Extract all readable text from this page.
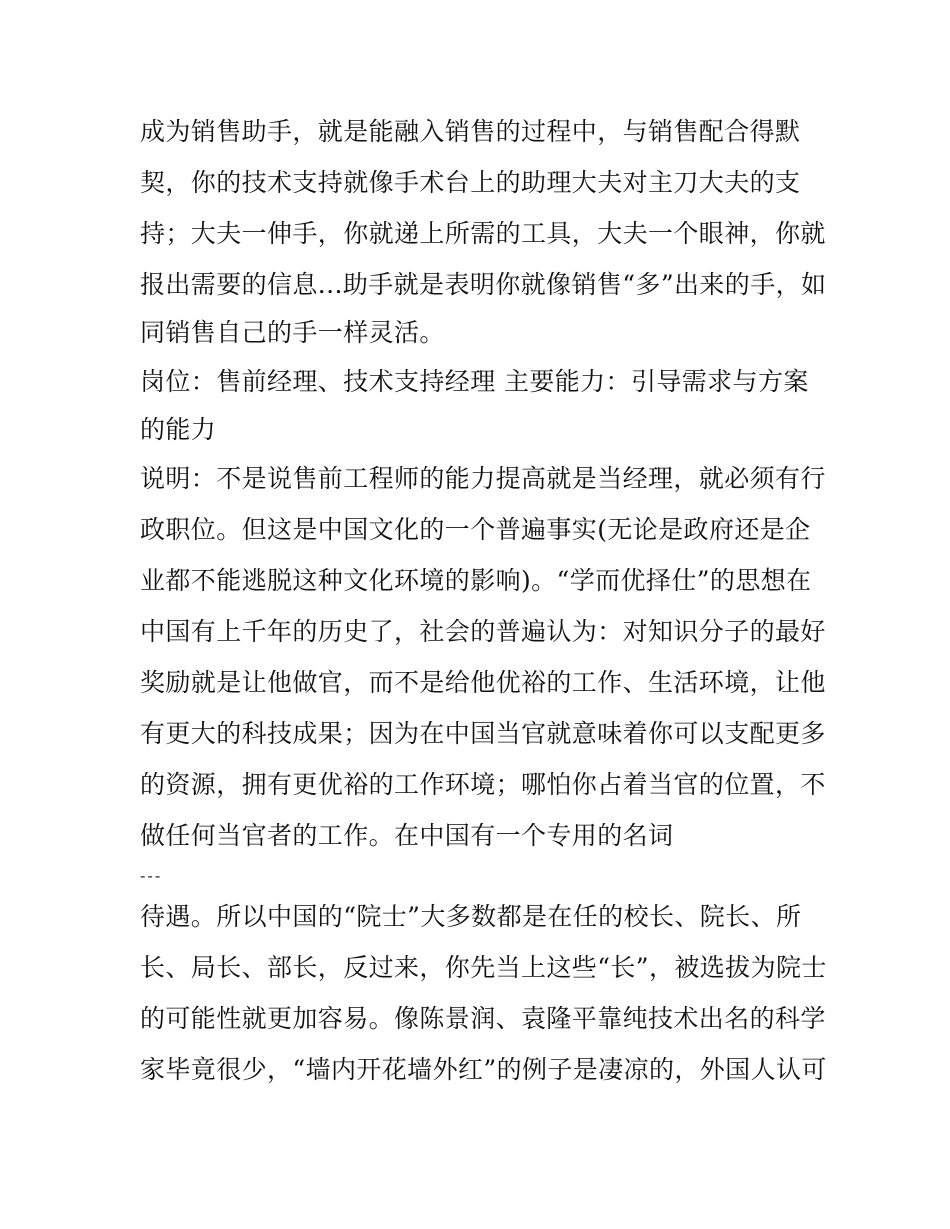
成为销售助手，就是能融入销售的过程中，与销售配合得默
契，你的技术支持就像手术台上的助理大夫对主刀大夫的支
持；大夫一伸手，你就递上所需的工具，大夫一个眼神，你就
报出需要的信息...助手就是表明你就像销售“多”出来的手，如
同销售自己的手一样灵活。
岗位：售前经理、技术支持经理 主要能力：引导需求与方案
的能力
说明：不是说售前工程师的能力提高就是当经理，就必须有行
政职位。但这是中国文化的一个普遍事实(无论是政府还是企
业都不能逃脱这种文化环境的影响)。“学而优择仕”的思想在
中国有上千年的历史了，社会的普遍认为：对知识分子的最好
奖励就是让他做官，而不是给他优裕的工作、生活环境，让他
有更大的科技成果；因为在中国当官就意味着你可以支配更多
的资源，拥有更优裕的工作环境；哪怕你占着当官的位置，不
做任何当官者的工作。在中国有一个专用的名词
---
待遇。所以中国的“院士”大多数都是在任的校长、院长、所
长、局长、部长，反过来，你先当上这些“长”，被选拔为院士
的可能性就更加容易。像陈景润、袁隆平靠纯技术出名的科学
家毕竟很少，“墙内开花墙外红”的例子是凄凉的，外国人认可
